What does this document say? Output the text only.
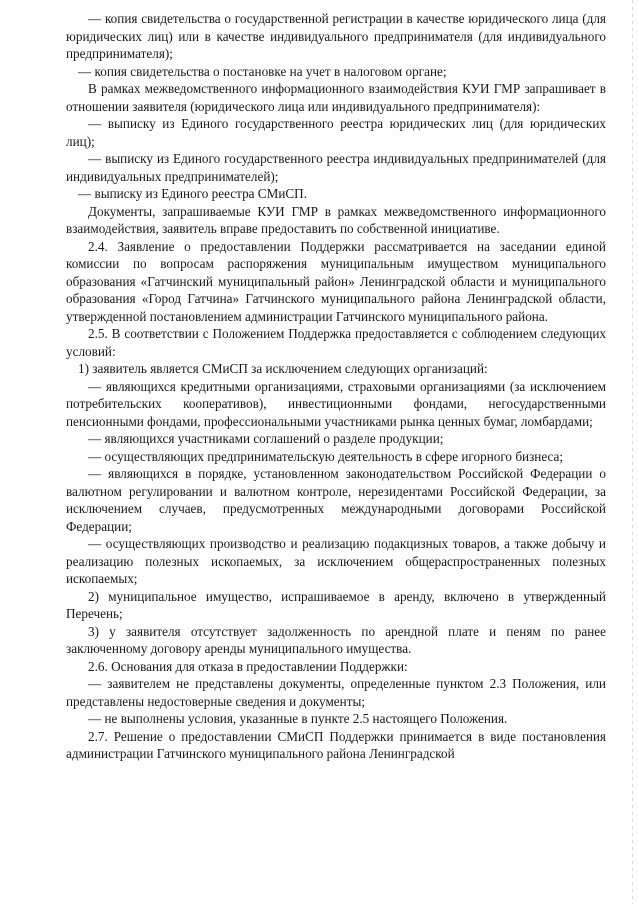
— копия свидетельства о государственной регистрации в качестве юридического лица (для юридических лиц) или в качестве индивидуального предпринимателя (для индивидуального предпринимателя);

— копия свидетельства о постановке на учет в налоговом органе;

В рамках межведомственного информационного взаимодействия КУИ ГМР запрашивает в отношении заявителя (юридического лица или индивидуального предпринимателя):

— выписку из Единого государственного реестра юридических лиц (для юридических лиц);

— выписку из Единого государственного реестра индивидуальных предпринимателей (для индивидуальных предпринимателей);

— выписку из Единого реестра СМиСП.

Документы, запрашиваемые КУИ ГМР в рамках межведомственного информационного взаимодействия, заявитель вправе предоставить по собственной инициативе.

2.4. Заявление о предоставлении Поддержки рассматривается на заседании единой комиссии по вопросам распоряжения муниципальным имуществом муниципального образования «Гатчинский муниципальный район» Ленинградской области и муниципального образования «Город Гатчина» Гатчинского муниципального района Ленинградской области, утвержденной постановлением администрации Гатчинского муниципального района.

2.5. В соответствии с Положением Поддержка предоставляется с соблюдением следующих условий:

1) заявитель является СМиСП за исключением следующих организаций:

— являющихся кредитными организациями, страховыми организациями (за исключением потребительских кооперативов), инвестиционными фондами, негосударственными пенсионными фондами, профессиональными участниками рынка ценных бумаг, ломбардами;

— являющихся участниками соглашений о разделе продукции;

— осуществляющих предпринимательскую деятельность в сфере игорного бизнеса;

— являющихся в порядке, установленном законодательством Российской Федерации о валютном регулировании и валютном контроле, нерезидентами Российской Федерации, за исключением случаев, предусмотренных международными договорами Российской Федерации;

— осуществляющих производство и реализацию подакцизных товаров, а также добычу и реализацию полезных ископаемых, за исключением общераспространенных полезных ископаемых;

2) муниципальное имущество, испрашиваемое в аренду, включено в утвержденный Перечень;

3) у заявителя отсутствует задолженность по арендной плате и пеням по ранее заключенному договору аренды муниципального имущества.

2.6. Основания для отказа в предоставлении Поддержки:

— заявителем не представлены документы, определенные пунктом 2.3 Положения, или представлены недостоверные сведения и документы;

— не выполнены условия, указанные в пункте 2.5 настоящего Положения.

2.7. Решение о предоставлении СМиСП Поддержки принимается в виде постановления администрации Гатчинского муниципального района Ленинградской
